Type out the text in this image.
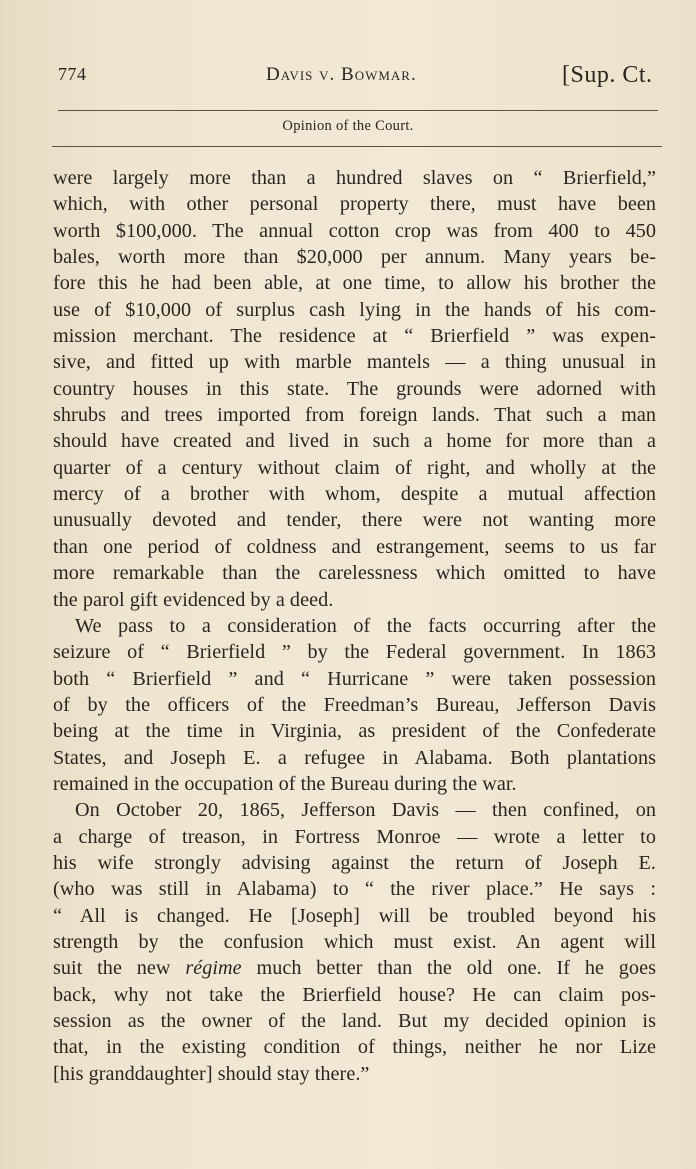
774	Davis v. Bowmar.	[Sup. Ct.
Opinion of the Court.
were largely more than a hundred slaves on “ Brierfield,”
which, with other personal property there, must have been
worth $100,000. The annual cotton crop was from 400 to 450
bales, worth more than $20,000 per annum. Many years be-
fore this he had been able, at one time, to allow his brother the
use of $10,000 of surplus cash lying in the hands of his com-
mission merchant. The residence at “ Brierfield ” was expen-
sive, and fitted up with marble mantels — a thing unusual in
country houses in this state. The grounds were adorned with
shrubs and trees imported from foreign lands. That such a man
should have created and lived in such a home for more than a
quarter of a century without claim of right, and wholly at the
mercy of a brother with whom, despite a mutual affection
unusually devoted and tender, there were not wanting more
than one period of coldness and estrangement, seems to us far
more remarkable than the carelessness which omitted to have
the parol gift evidenced by a deed.
We pass to a consideration of the facts occurring after the
seizure of “ Brierfield ” by the Federal government. In 1863
both “ Brierfield ” and “ Hurricane ” were taken possession
of by the officers of the Freedman’s Bureau, Jefferson Davis
being at the time in Virginia, as president of the Confederate
States, and Joseph E. a refugee in Alabama. Both plantations
remained in the occupation of the Bureau during the war.
On October 20, 1865, Jefferson Davis — then confined, on
a charge of treason, in Fortress Monroe — wrote a letter to
his wife strongly advising against the return of Joseph E.
(who was still in Alabama) to “ the river place.” He says :
“ All is changed. He [Joseph] will be troubled beyond his
strength by the confusion which must exist. An agent will
suit the new régime much better than the old one. If he goes
back, why not take the Brierfield house? He can claim pos-
session as the owner of the land. But my decided opinion is
that, in the existing condition of things, neither he nor Lize
[his granddaughter] should stay there.”
